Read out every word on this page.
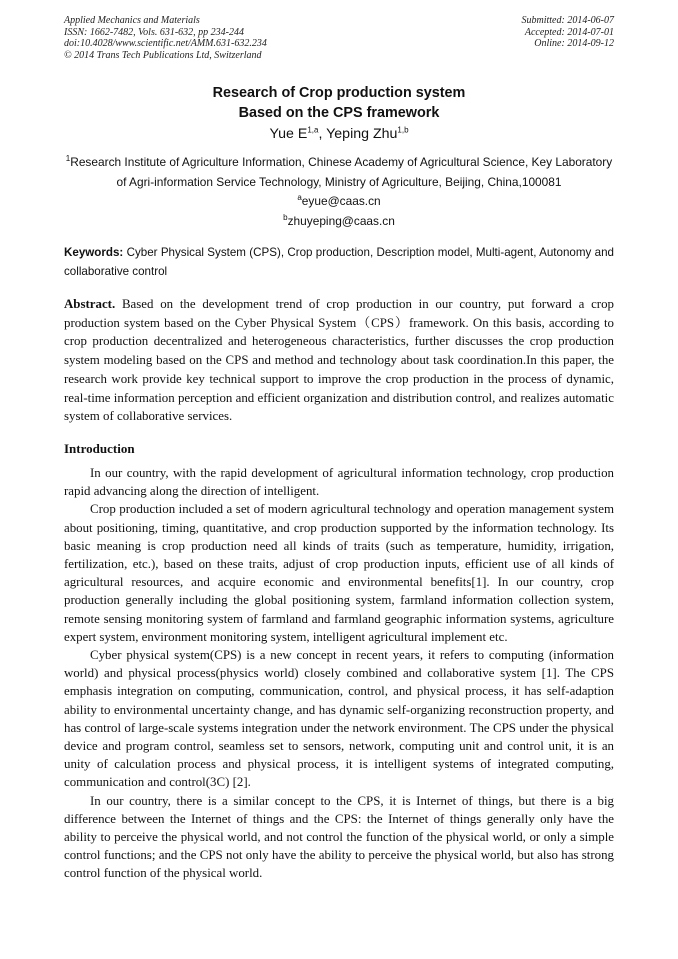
Applied Mechanics and Materials
ISSN: 1662-7482, Vols. 631-632, pp 234-244
doi:10.4028/www.scientific.net/AMM.631-632.234
© 2014 Trans Tech Publications Ltd, Switzerland
Submitted: 2014-06-07
Accepted: 2014-07-01
Online: 2014-09-12
Research of Crop production system
Based on the CPS framework
Yue E$^{1,a}$, Yeping Zhu$^{1,b}$
$^1$Research Institute of Agriculture Information, Chinese Academy of Agricultural Science, Key Laboratory of Agri-information Service Technology, Ministry of Agriculture, Beijing, China,100081
$^a$eyue@caas.cn
$^b$zhuyeping@caas.cn
Keywords: Cyber Physical System (CPS), Crop production, Description model, Multi-agent, Autonomy and collaborative control
Abstract. Based on the development trend of crop production in our country, put forward a crop production system based on the Cyber Physical System（CPS）framework. On this basis, according to crop production decentralized and heterogeneous characteristics, further discusses the crop production system modeling based on the CPS and method and technology about task coordination.In this paper, the research work provide key technical support to improve the crop production in the process of dynamic, real-time information perception and efficient organization and distribution control, and realizes automatic system of collaborative services.
Introduction

In our country, with the rapid development of agricultural information technology, crop production rapid advancing along the direction of intelligent.

Crop production included a set of modern agricultural technology and operation management system about positioning, timing, quantitative, and crop production supported by the information technology. Its basic meaning is crop production need all kinds of traits (such as temperature, humidity, irrigation, fertilization, etc.), based on these traits, adjust of crop production inputs, efficient use of all kinds of agricultural resources, and acquire economic and environmental benefits[1]. In our country, crop production generally including the global positioning system, farmland information collection system, remote sensing monitoring system of farmland and farmland geographic information systems, agriculture expert system, environment monitoring system, intelligent agricultural implement etc.

Cyber physical system(CPS) is a new concept in recent years, it refers to computing (information world) and physical process(physics world) closely combined and collaborative system [1]. The CPS emphasis integration on computing, communication, control, and physical process, it has self-adaption ability to environmental uncertainty change, and has dynamic self-organizing reconstruction property, and has control of large-scale systems integration under the network environment. The CPS under the physical device and program control, seamless set to sensors, network, computing unit and control unit, it is an unity of calculation process and physical process, it is intelligent systems of integrated computing, communication and control(3C) [2].

In our country, there is a similar concept to the CPS, it is Internet of things, but there is a big difference between the Internet of things and the CPS: the Internet of things generally only have the ability to perceive the physical world, and not control the function of the physical world, or only a simple control functions; and the CPS not only have the ability to perceive the physical world, but also has strong control function of the physical world.
